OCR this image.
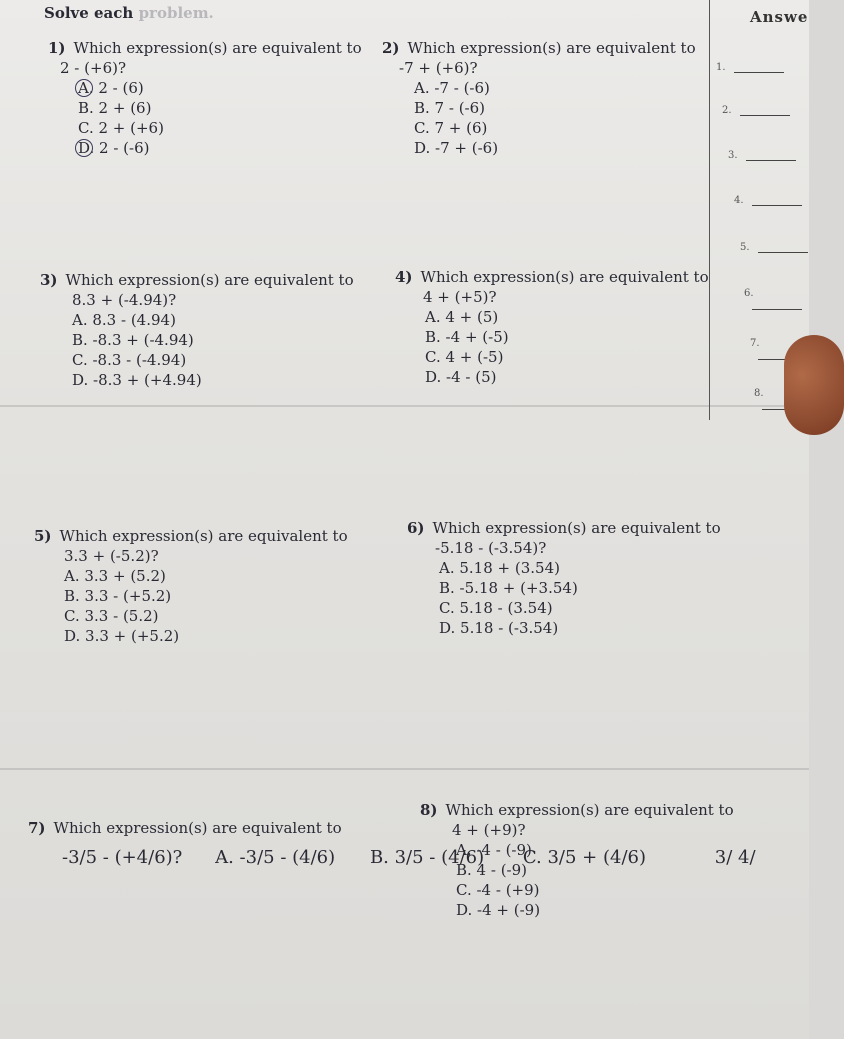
Solve each problem.
1) Which expression(s) are equivalent to
2 - (+6)?
A. 2 - (6)
B. 2 + (6)
C. 2 + (+6)
D. 2 - (-6)
2) Which expression(s) are equivalent to
-7 + (+6)?
A. -7 - (-6)
B. 7 - (-6)
C. 7 + (6)
D. -7 + (-6)
3) Which expression(s) are equivalent to
8.3 + (-4.94)?
A. 8.3 - (4.94)
B. -8.3 + (-4.94)
C. -8.3 - (-4.94)
D. -8.3 + (+4.94)
4) Which expression(s) are equivalent to
4 + (+5)?
A. 4 + (5)
B. -4 + (-5)
C. 4 + (-5)
D. -4 - (5)
5) Which expression(s) are equivalent to
3.3 + (-5.2)?
A. 3.3 + (5.2)
B. 3.3 - (+5.2)
C. 3.3 - (5.2)
D. 3.3 + (+5.2)
6) Which expression(s) are equivalent to
-5.18 - (-3.54)?
A. 5.18 + (3.54)
B. -5.18 + (+3.54)
C. 5.18 - (3.54)
D. 5.18 - (-3.54)
7) Which expression(s) are equivalent to
-3/5 - (+4/6)? A. -3/5 - (4/6) B. 3/5 - (4/6) C. 3/5 + (4/6)	3/ 4/
8) Which expression(s) are equivalent to
4 + (+9)?
A. -4 - (-9)
B. 4 - (-9)
C. -4 - (+9)
D. -4 + (-9)
Answe
1.
2.
3.
4.
5.
6.
7.
8.
